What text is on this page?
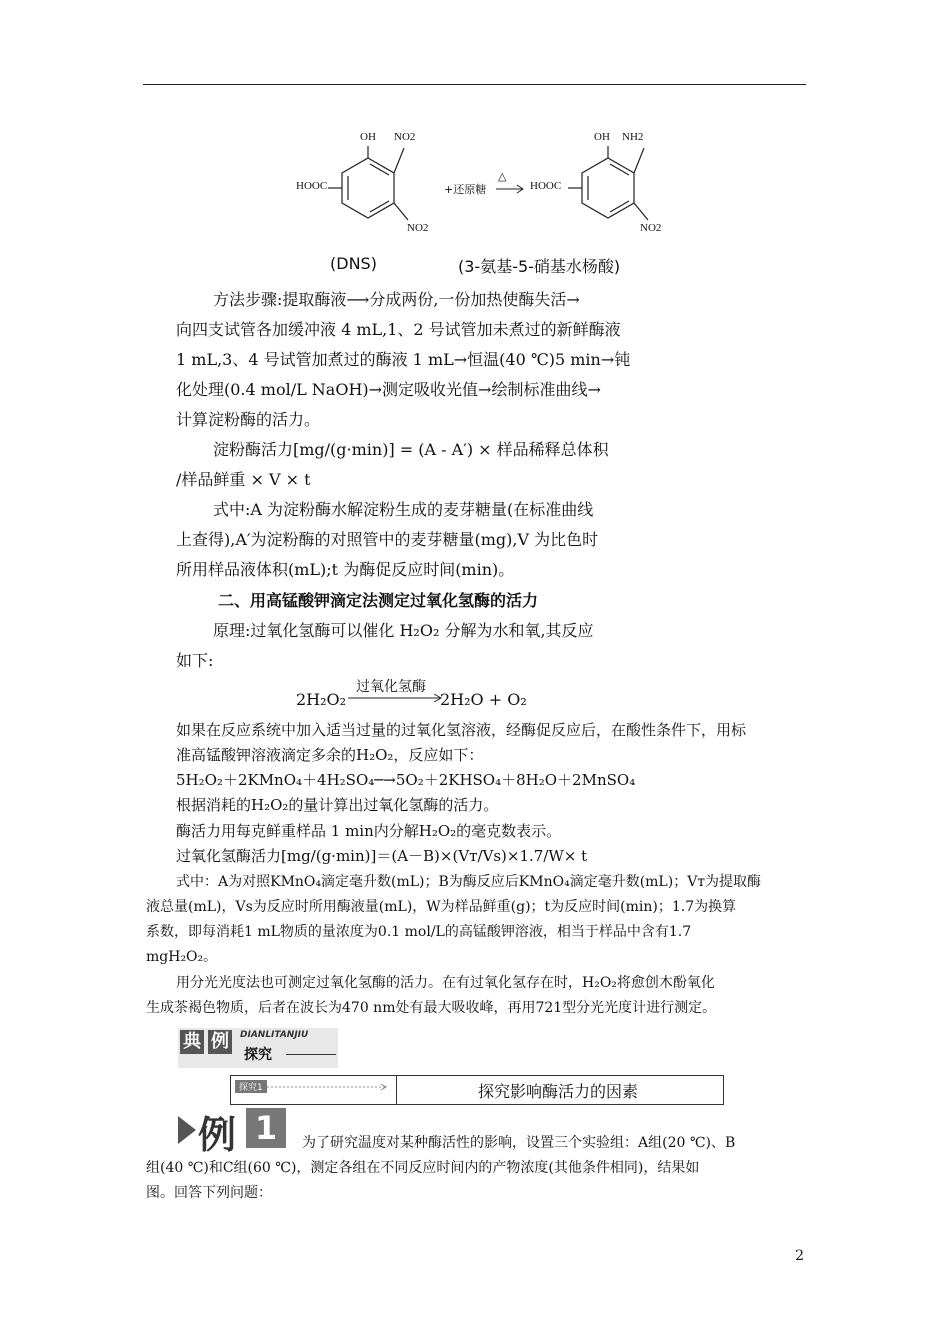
OH NO2
HOOC
NO2
+还原糖
△
OH NH2
HOOC
NO2
(DNS)	(3-氨基-5-硝基水杨酸)
方法步骤:提取酶液⟶分成两份,一份加热使酶失活→
向四支试管各加缓冲液 4 mL,1、2 号试管加未煮过的新鲜酶液
1 mL,3、4 号试管加煮过的酶液 1 mL→恒温(40 ℃)5 min→钝
化处理(0.4 mol/L NaOH)→测定吸收光值→绘制标准曲线→
计算淀粉酶的活力。
淀粉酶活力[mg/(g·min)] = (A - A′) × 样品稀释总体积
/样品鲜重 × V × t
式中:A 为淀粉酶水解淀粉生成的麦芽糖量(在标准曲线
上查得),A′为淀粉酶的对照管中的麦芽糖量(mg),V 为比色时
所用样品液体积(mL);t 为酶促反应时间(min)。
二、用高锰酸钾滴定法测定过氧化氢酶的活力
原理:过氧化氢酶可以催化 H₂O₂ 分解为水和氧,其反应
如下:
2H₂O₂
过氧化氢酶
2H₂O + O₂
如果在反应系统中加入适当过量的过氧化氢溶液，经酶促反应后，在酸性条件下，用标
准高锰酸钾溶液滴定多余的H₂O₂，反应如下：
5H₂O₂＋2KMnO₄＋4H₂SO₄─→5O₂＋2KHSO₄＋8H₂O＋2MnSO₄
根据消耗的H₂O₂的量计算出过氧化氢酶的活力。
酶活力用每克鲜重样品 1 min内分解H₂O₂的毫克数表示。
过氧化氢酶活力[mg/(g·min)]＝(A－B)×(Vᴛ/Vs)×1.7/W× t
式中：A为对照KMnO₄滴定毫升数(mL)；B为酶反应后KMnO₄滴定毫升数(mL)；Vᴛ为提取酶
液总量(mL)，Vs为反应时所用酶液量(mL)，W为样品鲜重(g)；t为反应时间(min)；1.7为换算
系数，即每消耗1 mL物质的量浓度为0.1 mol/L的高锰酸钾溶液，相当于样品中含有1.7
mgH₂O₂。
用分光光度法也可测定过氧化氢酶的活力。在有过氧化氢存在时，H₂O₂将愈创木酚氧化
生成茶褐色物质，后者在波长为470 nm处有最大吸收峰，再用721型分光光度计进行测定。
典 例	DIANLITANJIU
探究
探究1	探究影响酶活力的因素
例 1	为了研究温度对某种酶活性的影响，设置三个实验组：A组(20 ℃)、B
组(40 ℃)和C组(60 ℃)，测定各组在不同反应时间内的产物浓度(其他条件相同)，结果如
图。回答下列问题：
2
